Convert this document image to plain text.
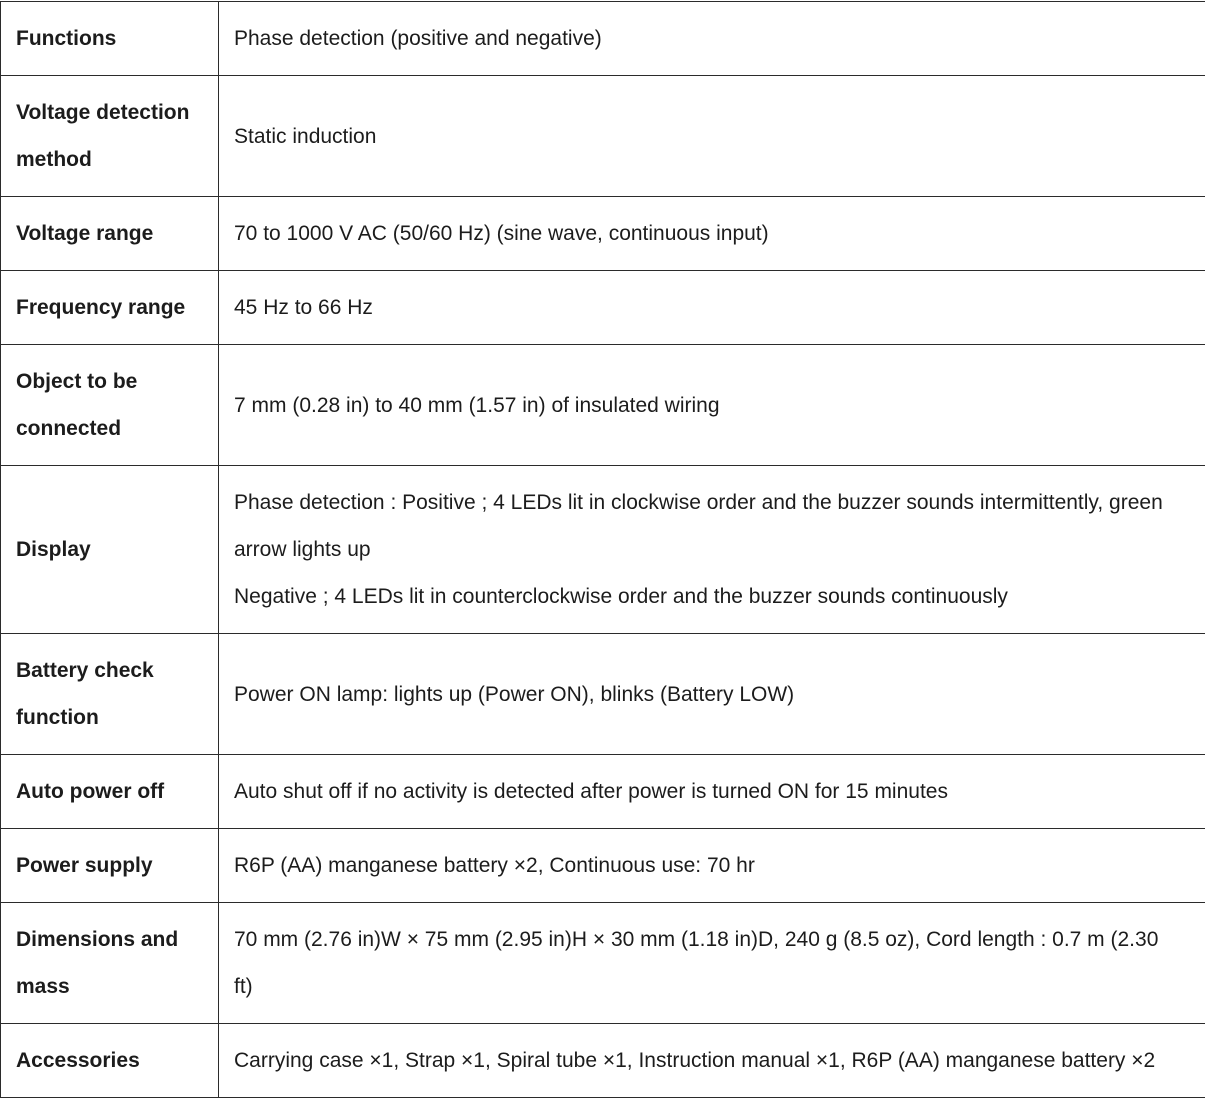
Functions	Phase detection (positive and negative)

Voltage detection method	Static induction

Voltage range	70 to 1000 V AC (50/60 Hz) (sine wave, continuous input)

Frequency range	45 Hz to 66 Hz

Object to be connected	7 mm (0.28 in) to 40 mm (1.57 in) of insulated wiring

Display	Phase detection : Positive ; 4 LEDs lit in clockwise order and the buzzer sounds intermittently, green arrow lights up
Negative ; 4 LEDs lit in counterclockwise order and the buzzer sounds continuously

Battery check function	Power ON lamp: lights up (Power ON), blinks (Battery LOW)

Auto power off	Auto shut off if no activity is detected after power is turned ON for 15 minutes

Power supply	R6P (AA) manganese battery ×2, Continuous use: 70 hr

Dimensions and mass	70 mm (2.76 in)W × 75 mm (2.95 in)H × 30 mm (1.18 in)D, 240 g (8.5 oz), Cord length : 0.7 m (2.30 ft)

Accessories	Carrying case ×1, Strap ×1, Spiral tube ×1, Instruction manual ×1, R6P (AA) manganese battery ×2
